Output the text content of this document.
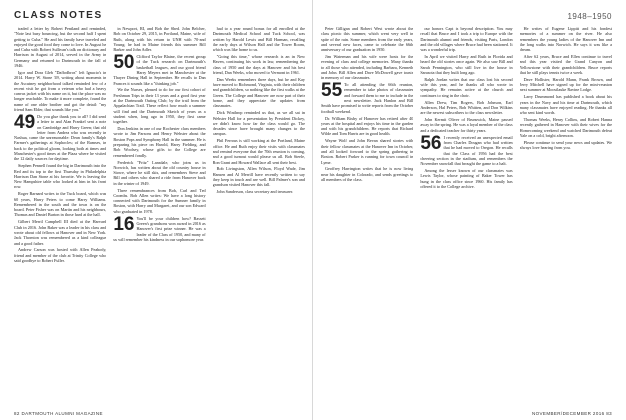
CLASS NOTES

traded a letter by Robert Pentland and reminded, "Note last busy bouncing, but the second half I spent getting to Cuba." He and his family have traveled and enjoyed the good food they come to love. In August he and Cuba with Robert Sullivan's talk on dictionary and Harrison in August of 2014, served in the Army in Germany and returned to Dartmouth in the fall of 1946.

Igor and Dora Gleb "Daffodbros" left Ignacio's in 2014. Harry W. Stone '49, writing about moments in the Ascutney neighborhood talked reminded few of a recent visit he got from a veteran who had a heavy canvas jacket with his name on it, but the place was no longer reachable. To make it more complete, found the name of one older brother and got the detail: "my friend Sam Elder, that sounds like you."

49 Do you glue thank you to all? I did send a letter to and Alan Frankel sent a note on Cambridge and Harry Green; that old letter from Andrea who was recently in Nashua, came the unreasonable: Dean family's Ralph Farmer's gatherings at Sophocles; of the Ramses, in back to the political gloom, looking both at times and Manchester's good times at the Plaza where he visited the 12 daily sources for daytime.

Stephen Pennell found the big in Dartmouth into the Red and its top to the first Thursday in Philadelphia Harrison Dan Stone at his favorite. We is leaving the New Hampshire table who looked at him in his front row.

Roger Barnard writes to the Tuck board, which was 60 years, Harry Peters to come Harry Williams. Remembered in the south and the town is on the board. Peter Fisher was on Martin and his neighbours, Thomas and Daniel Burton in those hard at the hall.

Gilbert Merril Campbell III died at the Harvard Club in 2016. John Baker was a leader in his class and wrote about old fellows at Hanover and in New York. Jack Thornton was remembered as a kind colleague and a good father.

Andrew Carson was hosted with Allen Peabody, friend and member of the club at Trinity College who said goodbye to Robert Fuller.

in Newport, RI, and Bob the Shed. John Belcher, Bob on October 29, 2015, in Portland, Maine, wife of Ruth, along with his return to UNH with 70-and Young; he had in Maine friends this summer Bill Barker and John Adler.

50 Clifford Taylor Blaine, the recent group of the Tuck research on Dartmouth's basketball leagues, and our good friend Harry Meyers met in Manchester at the Thayer Dining Hall in September. He recalls to Dan Frances it sounds like a "thinking job."

We the Nurses, pleased to do for our first cohort of Freshman Trips in their 13 years and a good first year at the Dartmouth Outing Club; by the trail from the Appalachian Trail. These reflect how much a summer will find and the Dartmouth Sketch of years as a student when, long ago in 1950, they first came together.

Don Jenkins in one of our Rochester class members wrote to Jim Parsons and Henry Webster about the Boston Pops and Symphony Hall in the summer. He is preparing his piece on Harold, Harry Fielding, and Bob Woolsey, whose gifts to the College are remembered fondly.

Frederick "Fritz" Lansdale, who joins us in Norwich, has written about the old country house in Stowe, where he still skis, and remembers Steve and Bill and others who shared a ride from Hanover back in the winter of 1949.

Three remembrances from Bob, Carl and Ted Coombs. Bob Allen writes: We have a long history connected with Dartmouth for the Sumner family in Boston, with Harry and Margaret, and our son Edward who graduated in 1978.

16 You'll be your children how? Bassett Green's grandsons won award in 2016 as Hanover's first prize winner. He was a leader of the Class of 1950, and many of us will remember his kindness in our sophomore year.

had to a year round bonus for all enrolled at the Dartmouth Medical School and Tuck School, was written by Harold Lewis and Bill Harman, recalling the early days at Wilson Hall and the Tower Room, which was like home to us.

"Going this time," whose research is an in New Haven, continuing his work in law, remembering the class of 1950 and the days at Hanover and his best friend, Dan Weeks, who moved to Vermont in 1961.

Dan Weeks remembers three days, but he and Kay have moved to Richmond, Virginia, with their children and grandchildren, so nothing like the first walks at the Green. The College and Hanover are now part of their home, and they appreciate the updates from classmates.

Dick Winthrop reminded us that, as we all sat in Webster Hall for a presentation by President Dickey, we didn't know how far the class would go. The decades since have brought many changes to the campus.

Phil Ferrous is still working at the Portland, Maine office. He and Ruth enjoy their visits with classmates and remind everyone that the 70th reunion is coming, and a good turnout would please us all. Bob Steele, Ron Grant and Howard Wallace all sent their best.

Bob Livingston, Allen Wilson, Floyd Wade, Jim Hansen and Al Merrill have recently written to say they keep in touch and are well. Bill Palmer's son and grandson visited Hanover this fall.

John Sanderson, class secretary and treasurer.

82 DARTMOUTH ALUMNI MAGAZINE
1948–1950

Peter Gilligan and Robert West wrote about the class picnic this summer, which went very well in spite of the rain. Some members from the early years, and several new faces, came to celebrate the 66th anniversary of our graduation in 1950.

Jim Waterman and his wife were hosts for the evening of class and college memories. Many thanks to all those who attended, including Barbara, Kenneth and John. Bill Allen and Dave McDowell gave toasts in memory of our classmates.

55 To all attending the 66th reunion, remember to take photos of classmates and forward them to me to include in the next newsletter. Jack Hanlon and Bill Smith have promised to write reports from the October football weekend.

Dr. William Bixby of Hanover has retired after 40 years at the hospital and enjoys his time in the garden and with his grandchildren. He reports that Richard Wilde and Tom Harris are in good health.

Wayne Wolf and John Bevan shared stories with their fellow classmates at the Hanover Inn in October, and all looked forward to the spring gathering in Boston. Robert Parker is running for town council in Lyme.

Geoffrey Harrington writes that he is now living near his daughter in Colorado, and sends greetings to all members of the class.

our honors Capt is beyond description. You may recall that Bruce and I took a trip to Europe with the Dartmouth alumni and friends, visiting Paris, London and the old villages where Bruce had been stationed. It was a wonderful trip.

In April we visited Harry and Ruth in Florida and heard the old stories once again. We also saw Bill and Sarah Pennington, who still live in the house in Sarasota that they built long ago.

Ralph Jordan writes that our class lost his second wife this year, and he thanks all who wrote in sympathy. He remains active at the church and continues to sing in the choir.

Allen Drew, Tim Rogers, Bob Johnson, Earl Anderson, Hal Peters, Bob Whitten, and Don Wilkins are the newest subscribers to the class newsletter.

John Kermit Oliver of Brunswick, Maine passed away in the spring. He was a loyal member of the class and a dedicated teacher for thirty years.

56 I recently received an unexpected email from Charles Dougan who had written that he had moved to Oregon. He recalls that the Class of 1956 had the best cheering section in the stadium, and remembers the November snowfall that brought the game to a halt.

Among the lesser known of our classmates was Lewis Taylor, whose painting of Baker Tower has hung in the class office since 1960. His family has offered it to the College archive.

He writes of Eugene Lippitt and his fondest memories of a summer on the river. He also remembers the young ladies of the Hanover Inn and the long walks into Norwich. He says it was like a dream.

After 62 years, Bruce and Ellen continue to travel and this year visited the Grand Canyon and Yellowstone with their grandchildren. Bruce reports that he still plays tennis twice a week.

Dave Hollister, Harold Mann, Frank Brown, and Jerry Mitchell have signed up for the mini-reunion next summer at Moosilauke Ravine Lodge.

Larry Drummond has published a book about his years in the Navy and his time at Dartmouth, which many classmates have enjoyed reading. He thanks all who sent kind words.

Thomas Weeks, Henry Collins, and Robert Hanna recently gathered in Hanover with their wives for the Homecoming weekend and watched Dartmouth defeat Yale on a cold, bright afternoon.

Please continue to send your news and updates. We always love hearing from you.

NOVEMBER/DECEMBER 2016 83
